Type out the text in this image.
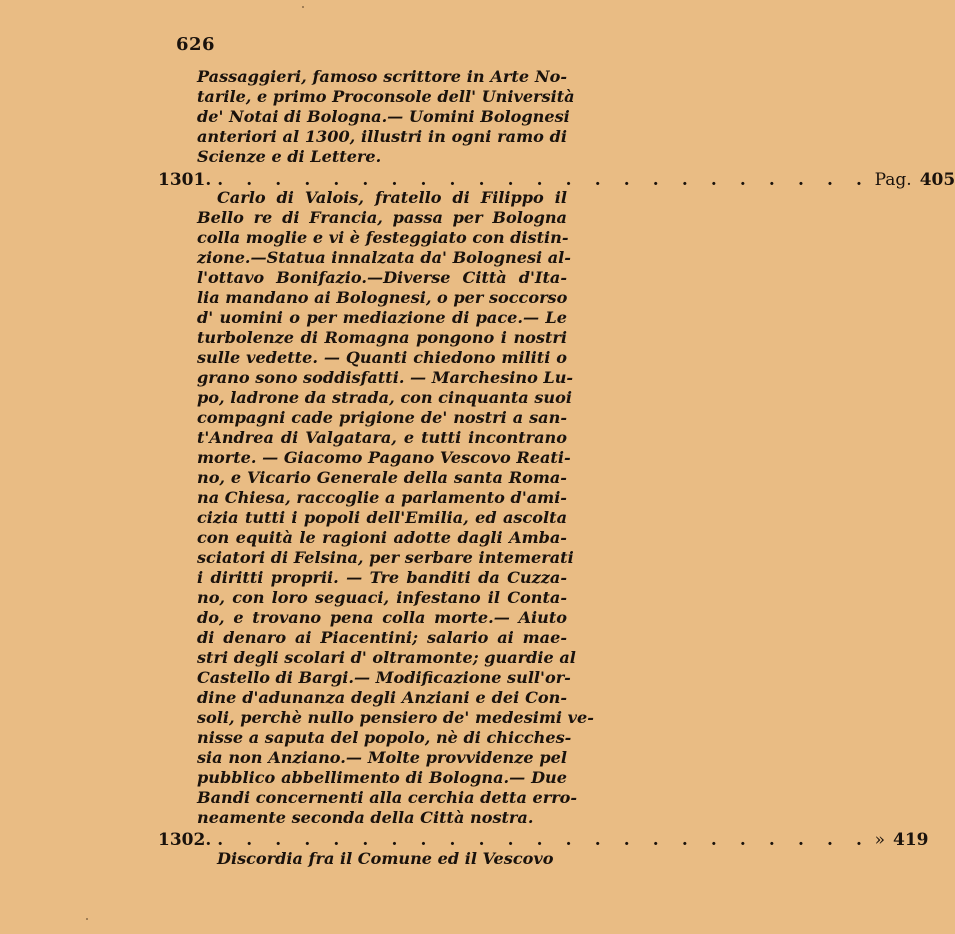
626
Passaggieri, famoso scrittore in Arte No-
tarile, e primo Proconsole dell' Università
de' Notai di Bologna.— Uomini Bolognesi
anteriori al 1300, illustri in ogni ramo di
Scienze e di Lettere.
1301. . . . . . . . . . . . . . . . . . . . . . . . Pag. 405
Carlo di Valois, fratello di Filippo il
Bello re di Francia, passa per Bologna
colla moglie e vi è festeggiato con distin-
zione.—Statua innalzata da' Bolognesi al-
l'ottavo Bonifazio.—Diverse Città d'Ita-
lia mandano ai Bolognesi, o per soccorso
d' uomini o per mediazione di pace.— Le
turbolenze di Romagna pongono i nostri
sulle vedette. — Quanti chiedono militi o
grano sono soddisfatti. — Marchesino Lu-
po, ladrone da strada, con cinquanta suoi
compagni cade prigione de' nostri a san-
t'Andrea di Valgatara, e tutti incontrano
morte. — Giacomo Pagano Vescovo Reati-
no, e Vicario Generale della santa Roma-
na Chiesa, raccoglie a parlamento d'ami-
cizia tutti i popoli dell'Emilia, ed ascolta
con equità le ragioni adotte dagli Amba-
sciatori di Felsina, per serbare intemerati
i diritti proprii. — Tre banditi da Cuzza-
no, con loro seguaci, infestano il Conta-
do, e trovano pena colla morte.— Aiuto
di denaro ai Piacentini; salario ai mae-
stri degli scolari d' oltramonte; guardie al
Castello di Bargi.— Modificazione sull'or-
dine d'adunanza degli Anziani e dei Con-
soli, perchè nullo pensiero de' medesimi ve-
nisse a saputa del popolo, nè di chicches-
sia non Anziano.— Molte provvidenze pel
pubblico abbellimento di Bologna.— Due
Bandi concernenti alla cerchia detta erro-
neamente seconda della Città nostra.
1302. . . . . . . . . . . . . . . . . . . . . . . . » 419
Discordia fra il Comune ed il Vescovo
